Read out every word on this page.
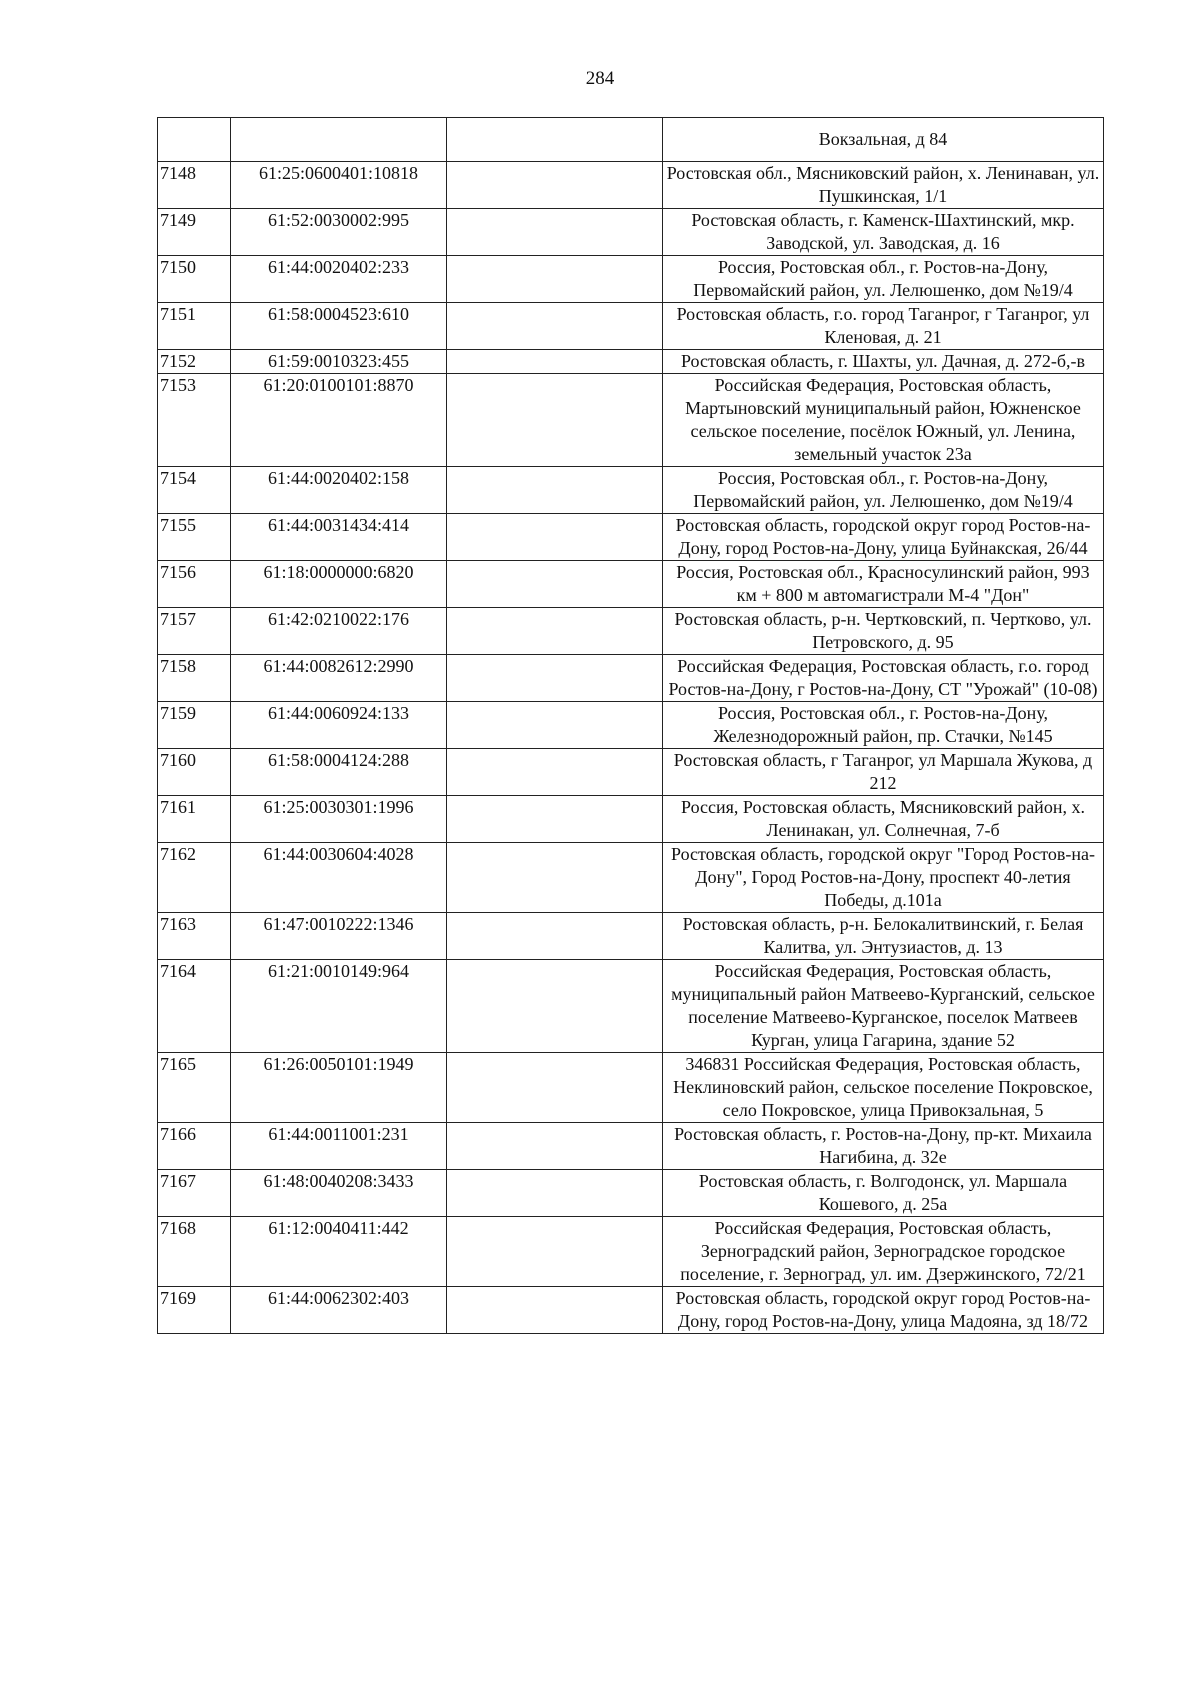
284
			Вокзальная, д 84
7148	61:25:0600401:10818		Ростовская обл., Мясниковский район, х. Ленинаван, ул. Пушкинская, 1/1
7149	61:52:0030002:995		Ростовская область, г. Каменск-Шахтинский, мкр. Заводской, ул. Заводская, д. 16
7150	61:44:0020402:233		Россия, Ростовская обл., г. Ростов-на-Дону, Первомайский район, ул. Лелюшенко, дом №19/4
7151	61:58:0004523:610		Ростовская область, г.о. город Таганрог, г Таганрог, ул Кленовая, д. 21
7152	61:59:0010323:455		Ростовская область, г. Шахты, ул. Дачная, д. 272-б,-в
7153	61:20:0100101:8870		Российская Федерация, Ростовская область, Мартыновский муниципальный район, Южненское сельское поселение, посёлок Южный, ул. Ленина, земельный участок 23а
7154	61:44:0020402:158		Россия, Ростовская обл., г. Ростов-на-Дону, Первомайский район, ул. Лелюшенко, дом №19/4
7155	61:44:0031434:414		Ростовская область, городской округ город Ростов-на-Дону, город Ростов-на-Дону, улица Буйнакская, 26/44
7156	61:18:0000000:6820		Россия, Ростовская обл., Красносулинский район, 993 км + 800 м автомагистрали М-4 "Дон"
7157	61:42:0210022:176		Ростовская область, р-н. Чертковский, п. Чертково, ул. Петровского, д. 95
7158	61:44:0082612:2990		Российская Федерация, Ростовская область, г.о. город Ростов-на-Дону, г Ростов-на-Дону, СТ "Урожай" (10-08)
7159	61:44:0060924:133		Россия, Ростовская обл., г. Ростов-на-Дону, Железнодорожный район, пр. Стачки, №145
7160	61:58:0004124:288		Ростовская область, г Таганрог, ул Маршала Жукова, д 212
7161	61:25:0030301:1996		Россия, Ростовская область, Мясниковский район, х. Ленинакан, ул. Солнечная, 7-б
7162	61:44:0030604:4028		Ростовская область, городской округ "Город Ростов-на-Дону", Город Ростов-на-Дону, проспект 40-летия Победы, д.101а
7163	61:47:0010222:1346		Ростовская область, р-н. Белокалитвинский, г. Белая Калитва, ул. Энтузиастов, д. 13
7164	61:21:0010149:964		Российская Федерация, Ростовская область, муниципальный район Матвеево-Курганский, сельское поселение Матвеево-Курганское, поселок Матвеев Курган, улица Гагарина, здание 52
7165	61:26:0050101:1949		346831 Российская Федерация, Ростовская область, Неклиновский район, сельское поселение Покровское, село Покровское, улица Привокзальная, 5
7166	61:44:0011001:231		Ростовская область, г. Ростов-на-Дону, пр-кт. Михаила Нагибина, д. 32е
7167	61:48:0040208:3433		Ростовская область, г. Волгодонск, ул. Маршала Кошевого, д. 25а
7168	61:12:0040411:442		Российская Федерация, Ростовская область, Зерноградский район, Зерноградское городское поселение, г. Зерноград, ул. им. Дзержинского, 72/21
7169	61:44:0062302:403		Ростовская область, городской округ город Ростов-на-Дону, город Ростов-на-Дону, улица Мадояна, зд 18/72
